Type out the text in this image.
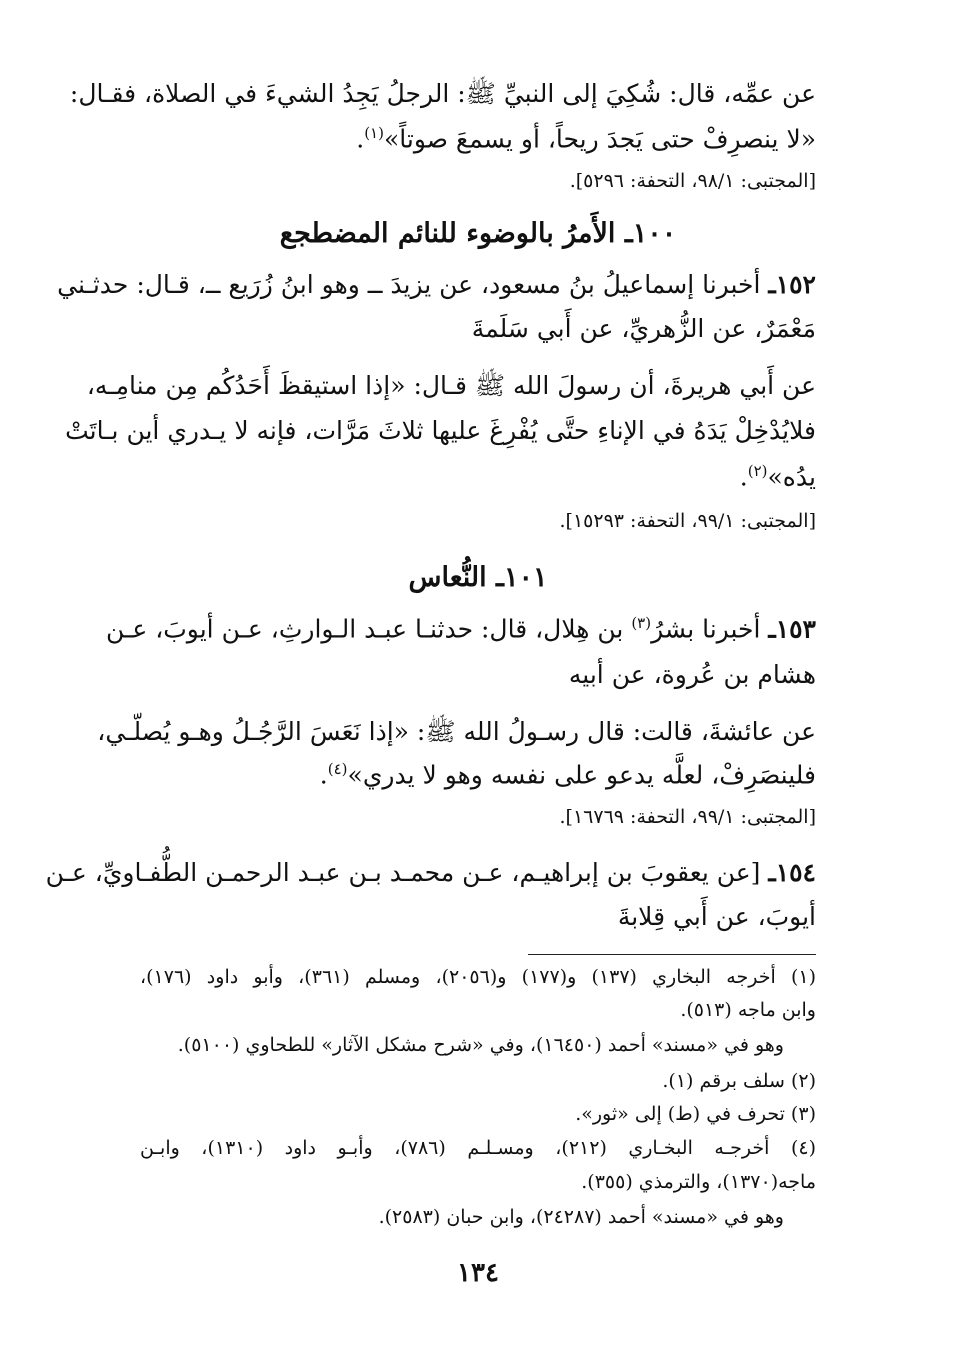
عن عمِّه، قال: شُكِيَ إلى النبيِّ ﷺ: الرجلُ يَجِدُ الشيءَ في الصلاة، فقـال:
«لا ينصرِفْ حتى يَجدَ ريحاً، أو يسمعَ صوتاً»$^{(١)}$.
[المجتبى: ٩٨/١، التحفة: ٥٢٩٦].
١٠٠ـ الأَمرُ بالوضوء للنائم المضطجع
١٥٢ـ أخبرنا إسماعيلُ بنُ مسعود، عن يزيدَ ــ وهو ابنُ زُرَيع ــ، قـال: حدثـني
مَعْمَرٌ، عن الزُّهريِّ، عن أَبي سَلَمةَ
عن أَبي هريرةَ، أن رسولَ الله ﷺ قـال: «إذا استيقظَ أَحَدُكُم مِن منامِـه،
فلايُدْخِلْ يَدَهُ في الإناءِ حتَّى يُفْرِغَ عليها ثلاثَ مَرَّات، فإنه لا يـدري أين بـاتَتْ
يدُه»$^{(٢)}$.
[المجتبى: ٩٩/١، التحفة: ١٥٢٩٣].
١٠١ـ النُّعاس
١٥٣ـ أخبرنا بشرُ$^{(٣)}$ بن هِلال، قال: حدثنـا عبـد الـوارثِ، عـن أيوبَ، عـن
هشام بن عُروة، عن أبيه
عن عائشةَ، قالت: قال رسـولُ الله ﷺ: «إذا نَعَسَ الرَّجُـلُ وهـو يُصلّـي،
فلينصَرِفْ، لعلَّه يدعو على نفسه وهو لا يدري»$^{(٤)}$.
[المجتبى: ٩٩/١، التحفة: ١٦٧٦٩].
١٥٤ـ [عن يعقوبَ بن إبراهيـم، عـن محمـد بـن عبـد الرحمـن الطُّفـاويِّ، عـن
أيوبَ، عن أَبي قِلابةَ
(١) أخرجه البخاري (١٣٧) و(١٧٧) و(٢٠٥٦)، ومسلم (٣٦١)، وأبو داود (١٧٦)،
وابن ماجه (٥١٣).
وهو في «مسند» أحمد (١٦٤٥٠)، وفي «شرح مشكل الآثار» للطحاوي (٥١٠٠).
(٢) سلف برقم (١).
(٣) تحرف في (ط) إلى «ثور».
(٤) أخرجـه البخـاري (٢١٢)، ومسـلـم (٧٨٦)، وأبـو داود (١٣١٠)، وابـن
ماجه(١٣٧٠)، والترمذي (٣٥٥).
وهو في «مسند» أحمد (٢٤٢٨٧)، وابن حبان (٢٥٨٣).
١٣٤
